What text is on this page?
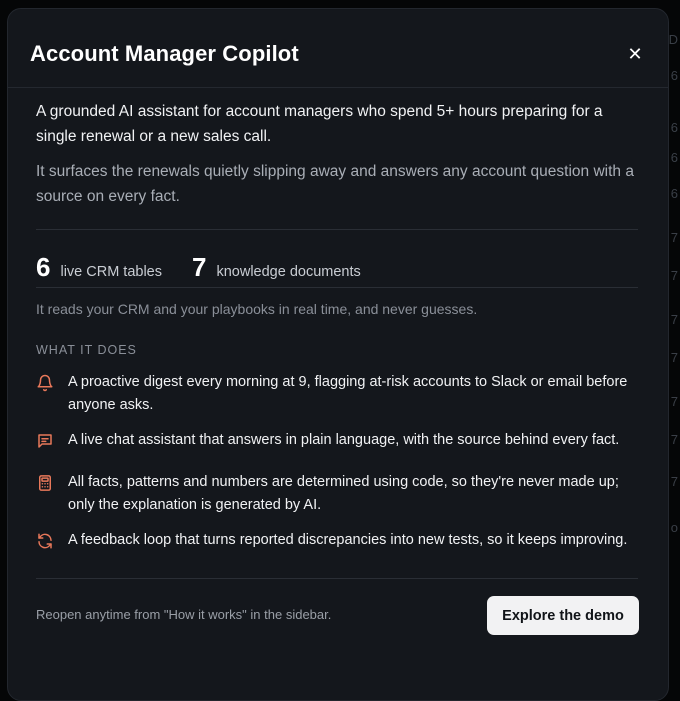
D
6
6
6
6
7
7
7
7
7
7
7
o
Account Manager Copilot	✕

A grounded AI assistant for account managers who spend 5+ hours preparing for a single renewal or a new sales call.

It surfaces the renewals quietly slipping away and answers any account question with a source on every fact.

6 live CRM tables 7 knowledge documents

It reads your CRM and your playbooks in real time, and never guesses.

WHAT IT DOES

A proactive digest every morning at 9, flagging at-risk accounts to Slack or email before anyone asks.
A live chat assistant that answers in plain language, with the source behind every fact.
All facts, patterns and numbers are determined using code, so they're never made up; only the explanation is generated by AI.
A feedback loop that turns reported discrepancies into new tests, so it keeps improving.

Reopen anytime from "How it works" in the sidebar.	Explore the demo
